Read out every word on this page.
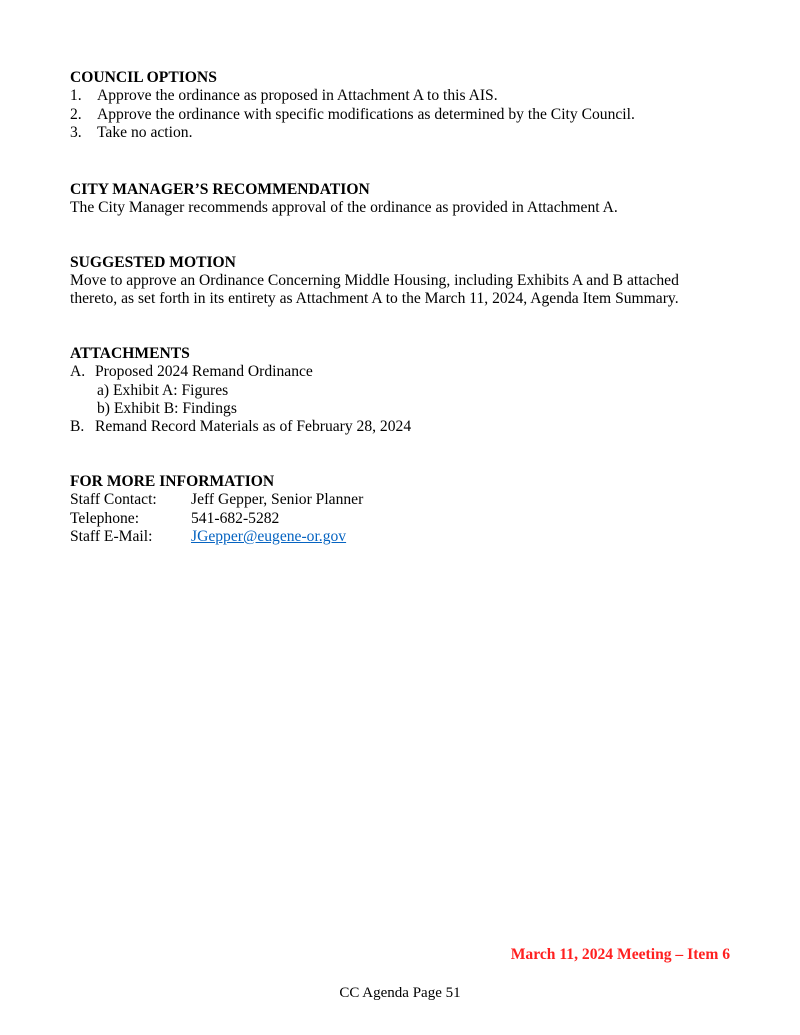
COUNCIL OPTIONS
1. Approve the ordinance as proposed in Attachment A to this AIS.
2. Approve the ordinance with specific modifications as determined by the City Council.
3. Take no action.
CITY MANAGER’S RECOMMENDATION
The City Manager recommends approval of the ordinance as provided in Attachment A.
SUGGESTED MOTION
Move to approve an Ordinance Concerning Middle Housing, including Exhibits A and B attached
thereto, as set forth in its entirety as Attachment A to the March 11, 2024, Agenda Item Summary.
ATTACHMENTS
A. Proposed 2024 Remand Ordinance
a) Exhibit A: Figures
b) Exhibit B: Findings
B. Remand Record Materials as of February 28, 2024
FOR MORE INFORMATION
Staff Contact:	Jeff Gepper, Senior Planner
Telephone:	541-682-5282
Staff E-Mail:	JGepper@eugene-or.gov
March 11, 2024 Meeting – Item 6
CC Agenda Page 51
